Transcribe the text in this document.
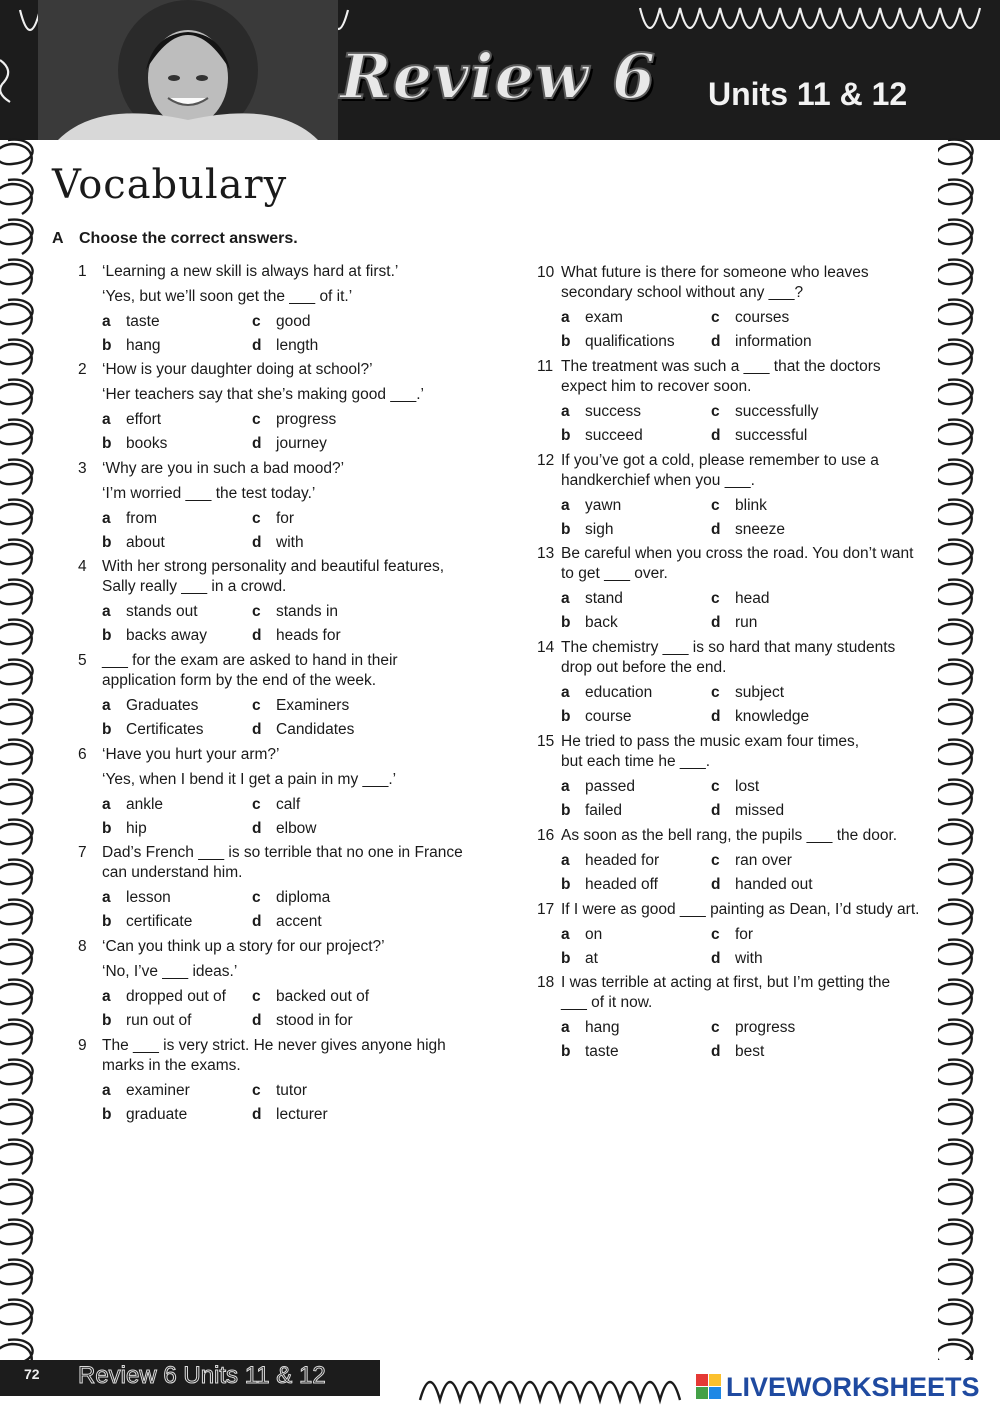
Review 6 Units 11 & 12
Vocabulary
A Choose the correct answers.
1 ‘Learning a new skill is always hard at first.’
‘Yes, but we’ll soon get the ___ of it.’
a taste	c good
b hang	d length
2 ‘How is your daughter doing at school?’
‘Her teachers say that she’s making good ___.’
a effort	c progress
b books	d journey
3 ‘Why are you in such a bad mood?’
‘I’m worried ___ the test today.’
a from	c for
b about	d with
4 With her strong personality and beautiful features,
Sally really ___ in a crowd.
a stands out	c stands in
b backs away	d heads for
5 ___ for the exam are asked to hand in their
application form by the end of the week.
a Graduates	c Examiners
b Certificates	d Candidates
6 ‘Have you hurt your arm?’
‘Yes, when I bend it I get a pain in my ___.’
a ankle	c calf
b hip	d elbow
7 Dad’s French ___ is so terrible that no one in France
can understand him.
a lesson	c diploma
b certificate	d accent
8 ‘Can you think up a story for our project?’
‘No, I’ve ___ ideas.’
a dropped out of c backed out of
b run out of	d stood in for
9 The ___ is very strict. He never gives anyone high
marks in the exams.
a examiner	c tutor
b graduate	d lecturer
10 What future is there for someone who leaves
secondary school without any ___?
a exam	c courses
b qualifications d information
11 The treatment was such a ___ that the doctors
expect him to recover soon.
a success	c successfully
b succeed	d successful
12 If you’ve got a cold, please remember to use a
handkerchief when you ___.
a yawn	c blink
b sigh	d sneeze
13 Be careful when you cross the road. You don’t want
to get ___ over.
a stand	c head
b back	d run
14 The chemistry ___ is so hard that many students
drop out before the end.
a education	c subject
b course	d knowledge
15 He tried to pass the music exam four times,
but each time he ___.
a passed	c lost
b failed	d missed
16 As soon as the bell rang, the pupils ___ the door.
a headed for	c ran over
b headed off	d handed out
17 If I were as good ___ painting as Dean, I’d study art.
a on	c for
b at	d with
18 I was terrible at acting at first, but I’m getting the
___ of it now.
a hang	c progress
b taste	d best
72 Review 6 Units 11 & 12	LIVEWORKSHEETS
